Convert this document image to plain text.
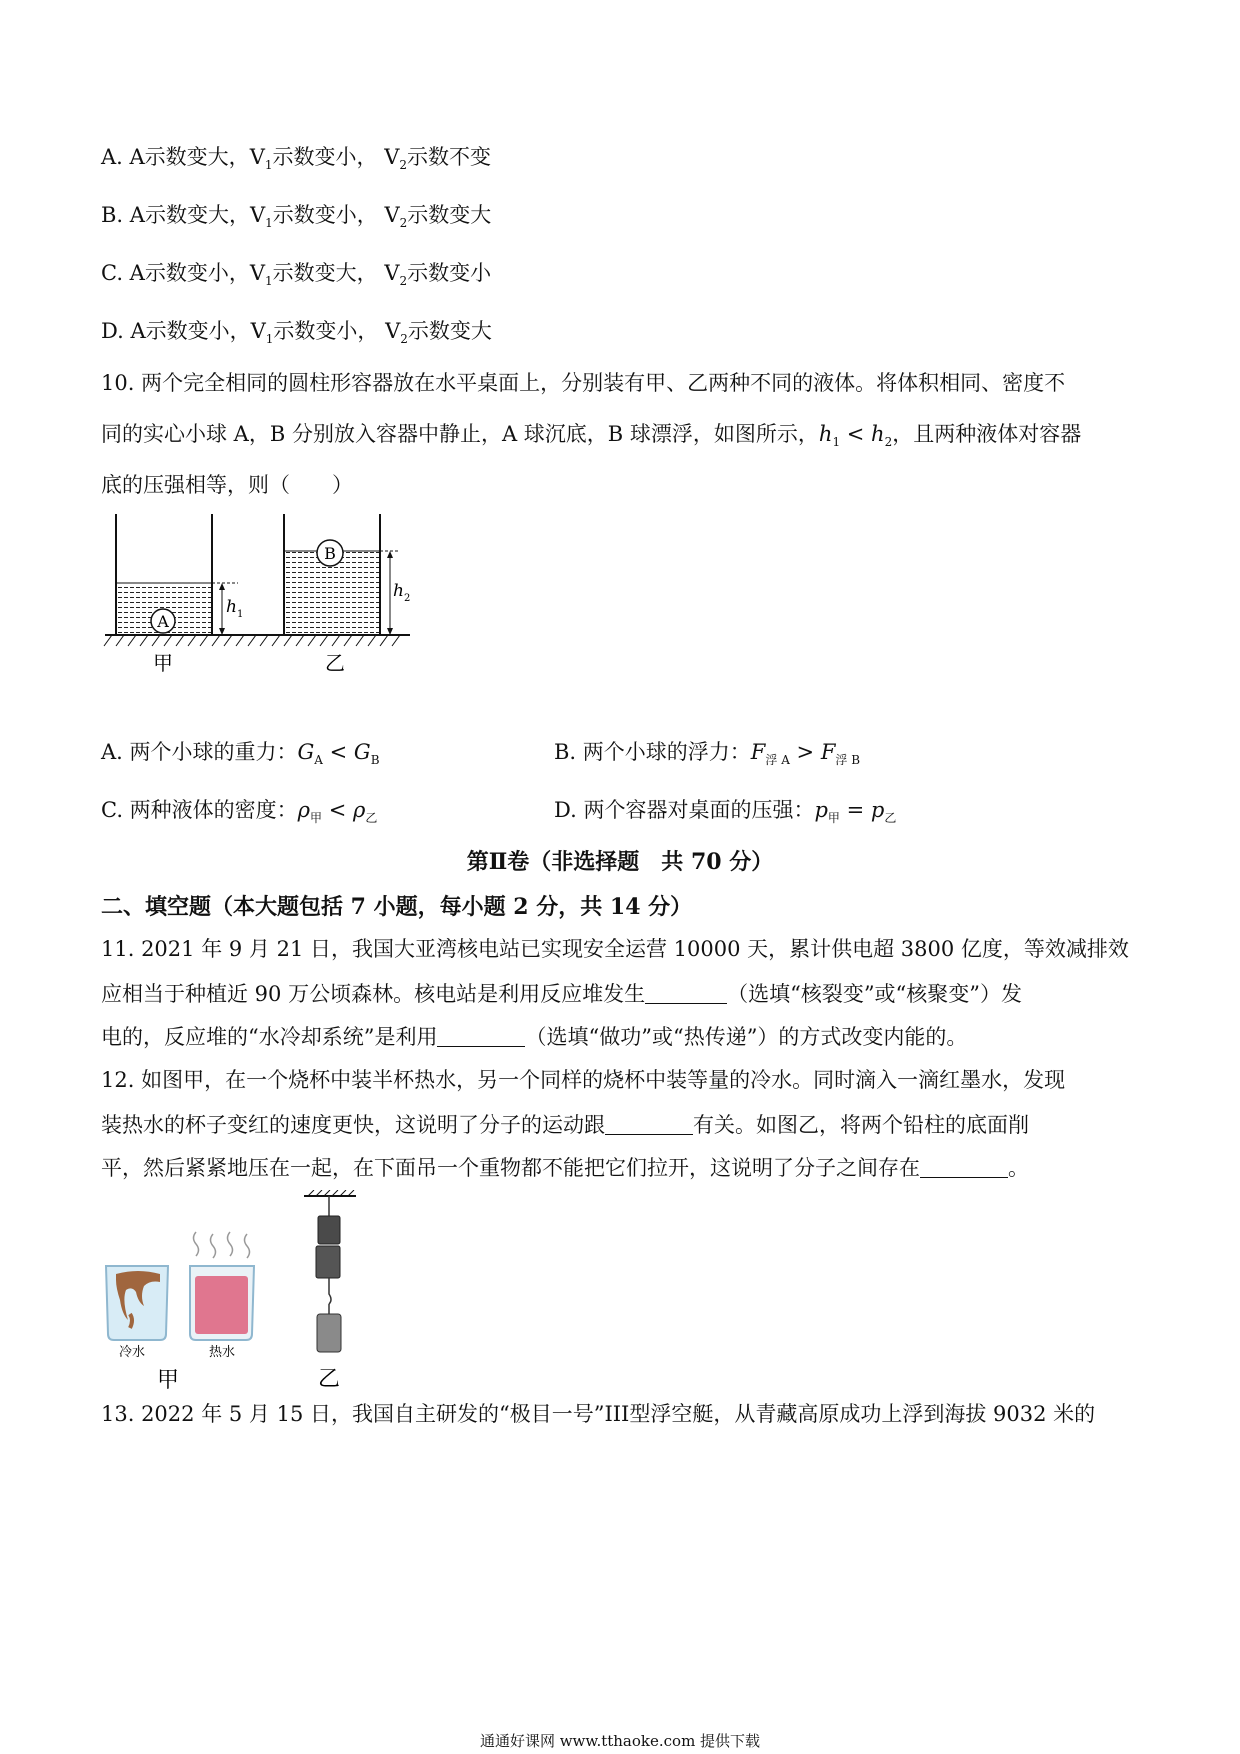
A. A示数变大，$V_1$示数变小， $V_2$示数不变
B. A示数变大，$V_1$示数变小， $V_2$示数变大
C. A示数变小，$V_1$示数变大， $V_2$示数变小
D. A示数变小，$V_1$示数变小， $V_2$示数变大
10. 两个完全相同的圆柱形容器放在水平桌面上，分别装有甲、乙两种不同的液体。将体积相同、密度不
同的实心小球 A，B 分别放入容器中静止，A 球沉底，B 球漂浮，如图所示，$h_1 < h_2$，且两种液体对容器
底的压强相等，则（　　）
A
h 1
B
h 2
甲	乙
A. 两个小球的重力：$G_A < G_B$	B. 两个小球的浮力：$F_{浮 A} > F_{浮 B}$
C. 两种液体的密度：$\rho_甲 < \rho_乙$	D. 两个容器对桌面的压强：$p_甲 = p_乙$
第Ⅱ卷（非选择题　共 70 分）
二、填空题（本大题包括 7 小题，每小题 2 分，共 14 分）
11. 2021 年 9 月 21 日，我国大亚湾核电站已实现安全运营 10000 天，累计供电超 3800 亿度，等效减排效
应相当于种植近 90 万公顷森林。核电站是利用反应堆发生	（选填“核裂变”或“核聚变”）发
电的，反应堆的“水冷却系统”是利用	（选填“做功”或“热传递”）的方式改变内能的。
12. 如图甲，在一个烧杯中装半杯热水，另一个同样的烧杯中装等量的冷水。同时滴入一滴红墨水，发现
装热水的杯子变红的速度更快，这说明了分子的运动跟	有关。如图乙，将两个铅柱的底面削
平，然后紧紧地压在一起，在下面吊一个重物都不能把它们拉开，这说明了分子之间存在	。
冷水	热水
甲	乙
13. 2022 年 5 月 15 日，我国自主研发的“极目一号”III型浮空艇，从青藏高原成功上浮到海拔 9032 米的
通通好课网 www.tthaoke.com 提供下载
